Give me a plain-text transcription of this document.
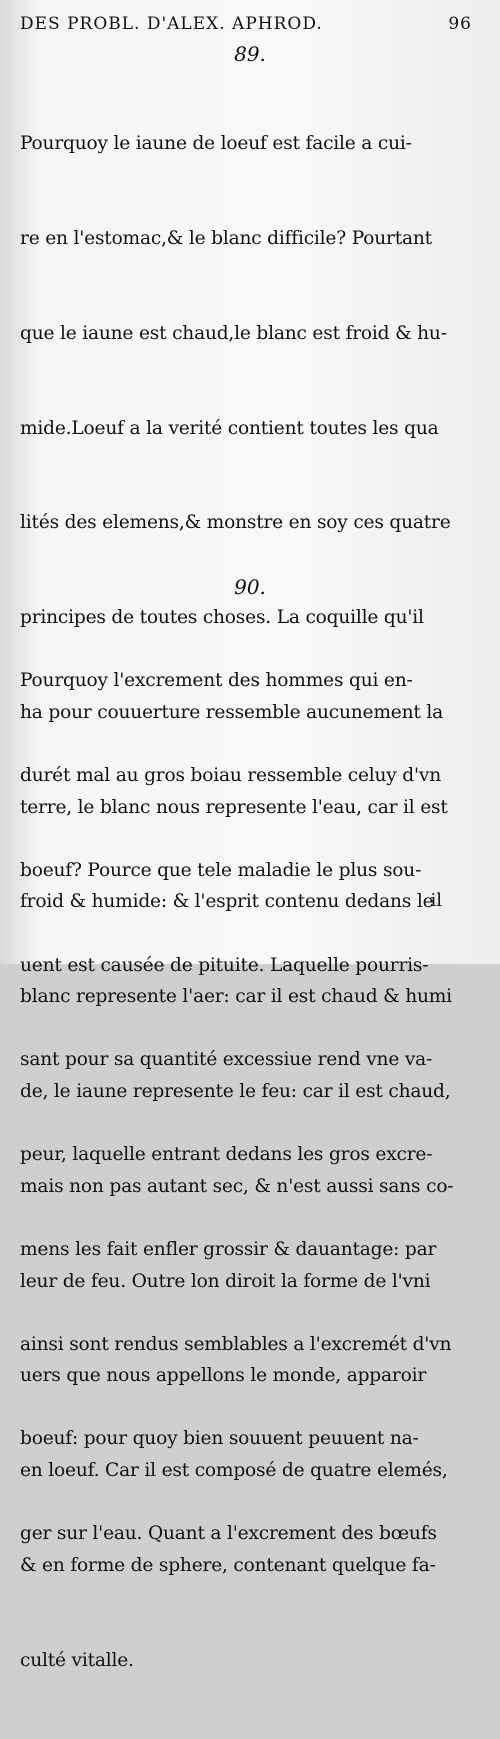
DES PROBL. D'ALEX. APHROD.	96
89.

Pourquoy le iaune de loeuf est facile a cui-

re en l'estomac,& le blanc difficile? Pourtant

que le iaune est chaud,le blanc est froid & hu-

mide.Loeuf a la verité contient toutes les qua

lités des elemens,& monstre en soy ces quatre

principes de toutes choses. La coquille qu'il

ha pour couuerture ressemble aucunement la

terre, le blanc nous represente l'eau, car il est

froid & humide: & l'esprit contenu dedans le

blanc represente l'aer: car il est chaud & humi

de, le iaune represente le feu: car il est chaud,

mais non pas autant sec, & n'est aussi sans co-

leur de feu. Outre lon diroit la forme de l'vni

uers que nous appellons le monde, apparoir

en loeuf. Car il est composé de quatre elemés,

& en forme de sphere, contenant quelque fa-

culté vitalle.

90.

Pourquoy l'excrement des hommes qui en-

durét mal au gros boiau ressemble celuy d'vn

boeuf? Pource que tele maladie le plus sou-

uent est causée de pituite. Laquelle pourris-

sant pour sa quantité excessiue rend vne va-

peur, laquelle entrant dedans les gros excre-

mens les fait enfler grossir & dauantage: par

ainsi sont rendus semblables a l'excremét d'vn

boeuf: pour quoy bien souuent peuuent na-

ger sur l'eau. Quant a l'excrement des bœufs

il
